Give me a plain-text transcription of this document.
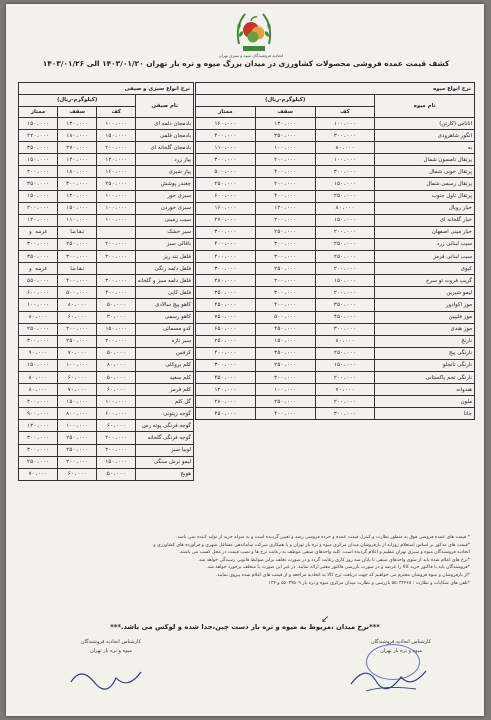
اتحادیه فروشندگان میوه و سبزی تهران
کشف قیمت عمده فروشی محصولات کشاورزی در میدان بزرگ میوه و تره بار تهران ۱۴۰۳/۰۱/۲۰ الی ۱۴۰۳/۰۱/۲۶
نرخ انواع میوه			
نام میوه	(کیلوگرم-ریال)		
	کف	سقف	ممتاز
اناناس (کارتن)	۱۰۰،۰۰۰	۱۳۰،۰۰۰	۱۶۰،۰۰۰
انگور شاهرودی	۳۰۰،۰۰۰	۳۵۰،۰۰۰	۴۰۰،۰۰۰
به	۸۰،۰۰۰	۱۰۰،۰۰۰	۱۱۰،۰۰۰
پرتقال تامسون شمال	۱۰۰،۰۰۰	۲۰۰،۰۰۰	۳۰۰،۰۰۰
پرتقال خونی شمال	۳۰۰،۰۰۰	۴۰۰،۰۰۰	۵۰۰،۰۰۰
پرتقال رسمی شمال	۱۵۰،۰۰۰	۲۰۰،۰۰۰	۲۵۰،۰۰۰
پرتقال تاول جنوب	۲۵۰،۰۰۰	۴۰۰،۰۰۰	۶۰۰،۰۰۰
خیار رویال	۸۰،۰۰۰	۱۲۰،۰۰۰	۱۶۰،۰۰۰
خیار گلخانه ای	۱۵۰،۰۰۰	۲۰۰،۰۰۰	۲۷۰،۰۰۰
خیار مینی اصفهان	۲۰۰،۰۰۰	۲۵۰،۰۰۰	۳۰۰،۰۰۰
سیب لبنانی زرد	۲۵۰،۰۰۰	۳۰۰،۰۰۰	۴۰۰،۰۰۰
سیب لبنانی قرمز	۲۵۰،۰۰۰	۳۰۰،۰۰۰	۴۰۰،۰۰۰
کیوی	۲۰۰،۰۰۰	۲۵۰،۰۰۰	۳۰۰،۰۰۰
گریپ فروت تو سرخ	۱۵۰،۰۰۰	۲۰۰،۰۰۰	۲۸۰،۰۰۰
لیمو شیرین	۲۰۰،۰۰۰	۳۰۰،۰۰۰	۳۵۰،۰۰۰
موز اکوادور	۳۵۰،۰۰۰	۴۰۰،۰۰۰	۴۵۰،۰۰۰
موز فلیپین	۴۵۰،۰۰۰	۵۰۰،۰۰۰	۷۵۰،۰۰۰
موز هندی	۳۰۰،۰۰۰	۴۵۰،۰۰۰	۶۵۰،۰۰۰
نارنج	۸۰،۰۰۰	۱۵۰،۰۰۰	۲۵۰،۰۰۰
نارنگی پیج	۲۵۰،۰۰۰	۳۵۰،۰۰۰	۴۰۰،۰۰۰
نارنگی تانجلو	۱۵۰،۰۰۰	۲۵۰،۰۰۰	۳۰۰،۰۰۰
نارنگی تخم پاکستانی	۲۰۰،۰۰۰	۳۰۰،۰۰۰	۴۵۰،۰۰۰
هندوانه	۷۰،۰۰۰	۱۰۰،۰۰۰	۱۲۰،۰۰۰
ملون	۲۰۰،۰۰۰	۲۵۰،۰۰۰	۲۸۰،۰۰۰
جانا	۳۰۰،۰۰۰	۴۰۰،۰۰۰	۴۵۰،۰۰۰
نرخ انواع سبزی و صیفی			
نام صیفی	(کیلوگرم-ریال)		
	کف	سقف	ممتاز
بادمجان دلمه ای	۱۰۰،۰۰۰	۱۳۰،۰۰۰	۱۵۰،۰۰۰
بادمجان قلمی	۱۵۰،۰۰۰	۱۸۰،۰۰۰	۲۲۰،۰۰۰
بادمجان گلخانه ای	۲۰۰،۰۰۰	۲۷۰،۰۰۰	۳۵۰،۰۰۰
پیاز زرد	۱۲۰،۰۰۰	۱۴۰،۰۰۰	۱۵۰،۰۰۰
پیاز شیری	۱۶۰،۰۰۰	۱۸۰،۰۰۰	۲۰۰،۰۰۰
چغندر پوشش	۲۵۰،۰۰۰	۳۰۰،۰۰۰	۳۵۰،۰۰۰
سبزی جور	۱۰۰،۰۰۰	۱۲۰،۰۰۰	۱۵۰،۰۰۰
سبزی خوردن	۱۰۰،۰۰۰	۱۵۰،۰۰۰	۲۰۰،۰۰۰
سیب زمینی	۱۰۰،۰۰۰	۱۱۰،۰۰۰	۱۲۰،۰۰۰
سیر خشک		تقاضا	عرضه و
باقالی سبز	۲۰۰،۰۰۰	۲۵۰،۰۰۰	۳۰۰،۰۰۰
فلفل تند ریز	۲۰۰،۰۰۰	۳۰۰،۰۰۰	۳۵۰،۰۰۰
فلفل دلمه رنگی		تقاضا	عرضه و
فلفل دلمه سبز و گلخانه	۳۰۰،۰۰۰	۴۰۰،۰۰۰	۵۵۰،۰۰۰
فلفل کاپی	۴۰۰،۰۰۰	۵۰۰،۰۰۰	۶۰۰،۰۰۰
کاهو پیچ سالادی	۵۰،۰۰۰	۸۰،۰۰۰	۱۰۰،۰۰۰
کاهو رسمی	۳۰،۰۰۰	۶۰،۰۰۰	۸۰،۰۰۰
کدو مسمائی	۱۵۰،۰۰۰	۲۰۰،۰۰۰	۲۵۰،۰۰۰
سیر تازه	۲۰۰،۰۰۰	۲۵۰،۰۰۰	۳۰۰،۰۰۰
کرفس	۵۰،۰۰۰	۷۰،۰۰۰	۹۰،۰۰۰
کلم بروکلی	۸۰،۰۰۰	۱۰۰،۰۰۰	۱۵۰،۰۰۰
کلم سفید	۵۰،۰۰۰	۶۰،۰۰۰	۸۰،۰۰۰
کلم قرمز	۶۰،۰۰۰	۷۰،۰۰۰	۸۰،۰۰۰
گل کلم	۱۰۰،۰۰۰	۱۵۰،۰۰۰	۲۰۰،۰۰۰
گوجه زیتونی	۶۰۰،۰۰۰	۸۰۰،۰۰۰	۹۰۰،۰۰۰
گوجه فرنگی پوته رس	۶۰،۰۰۰	۱۰۰،۰۰۰	۱۲۰،۰۰۰
گوجه فرنگی گلخانه	۲۰۰،۰۰۰	۲۵۰،۰۰۰	۳۰۰،۰۰۰
لوبیا سبز	۲۰۰،۰۰۰	۲۵۰،۰۰۰	۳۰۰،۰۰۰
لیمو ترش سنگی	۱۵۰،۰۰۰	۲۰۰،۰۰۰	۲۵۰،۰۰۰
هویج	۵۰،۰۰۰	۶۰،۰۰۰	۷۰،۰۰۰

* قیمت های عمده فروشی فوق به منظور نظارت و کنترل قیمت عمده و خرده فروشی رصد و تعیین گردیده است و به منزله خرید از تولید کننده نمی باشد.

*قیمت های مذکور بر اساس استعلام روزانه از بارفروشان میدان مرکزی میوه و تره بار تهران و با همکاری شرکت ساماندهی مشاغل شهری و فرآورده های کشاورزی و

اتحادیه فروشندگان میوه و سبزی تهران تنظیم و اعلام گردیده است. کلیه واحدهای صنفی موظف به رعایت نرخ ها و نصب قیمت در محل کسب می باشند.

*نرخ های اعلام شده باید از سوی واحدهای صنفی تا پایان سه روز کاری رعایت گردد و در صورت تخلف برابر ضوابط قانونی رسیدگی خواهد شد.

*فروشندگان باید با فاکتور خرید کالا را عرضه و در صورت بازرسی فاکتور معتبر ارائه نمایند. در غیر این صورت با متخلف برخورد خواهد شد.

*از بارفروشان و میوه فروشان محترم می خواهیم که جهت دریافت نرخ کالا به اتحادیه مراجعه و از قیمت های اعلام شده پیروی نمایند.

*تلفن های شکایات و نظارت : ۵۵۰۳۲۴۶۸ بازرسی و نظارت میدان مرکزی میوه و تره بار ۵۵۰۳۹۵۰۹ و ۱۲۴

***نرخ میدان ،مربوط به میوه و تره بار دست چین،جدا شده و لوکس می باشد.***
↙
کارشناس اتحادیه فروشندگان
میوه و تره بار تهران
کارشناس اتحادیه فروشندگان
میوه و تره بار تهران
